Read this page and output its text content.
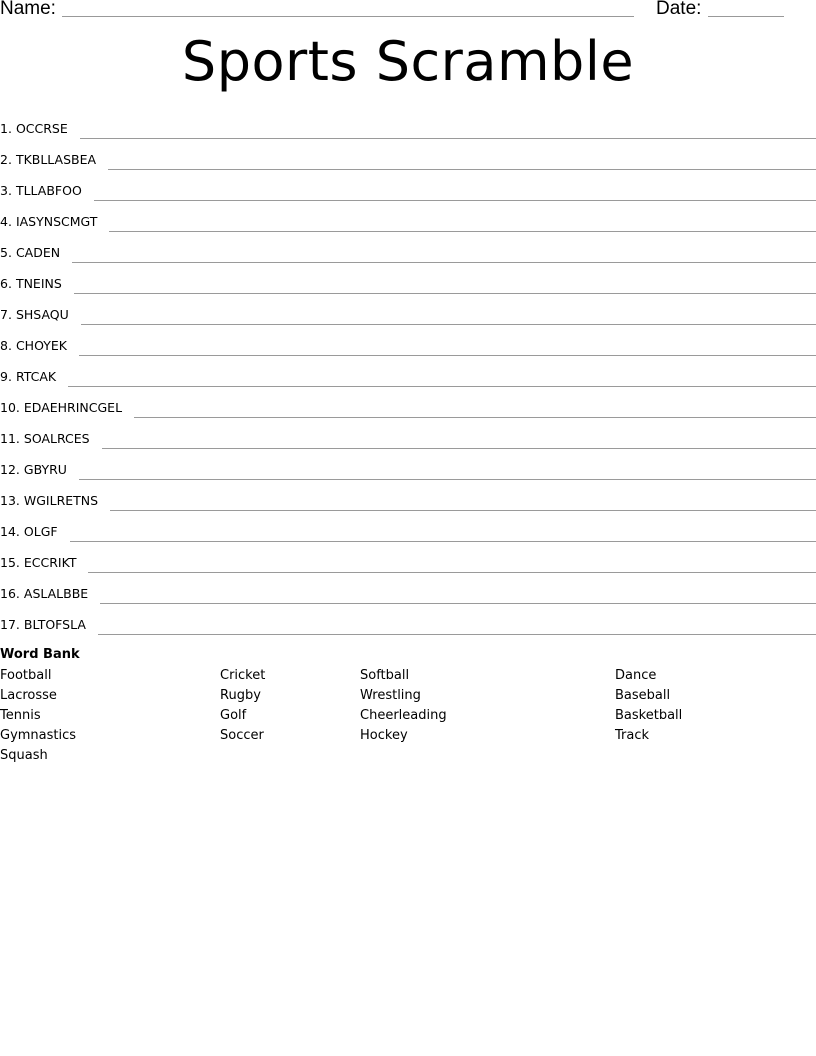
Name:	Date:
Sports Scramble
1. OCCRSE
2. TKBLLASBEA
3. TLLABFOO
4. IASYNSCMGT
5. CADEN
6. TNEINS
7. SHSAQU
8. CHOYEK
9. RTCAK
10. EDAEHRINCGEL
11. SOALRCES
12. GBYRU
13. WGILRETNS
14. OLGF
15. ECCRIKT
16. ASLALBBE
17. BLTOFSLA
Word Bank
Football
Lacrosse
Tennis
Gymnastics
Squash
Cricket
Rugby
Golf
Soccer
Softball
Wrestling
Cheerleading
Hockey
Dance
Baseball
Basketball
Track
